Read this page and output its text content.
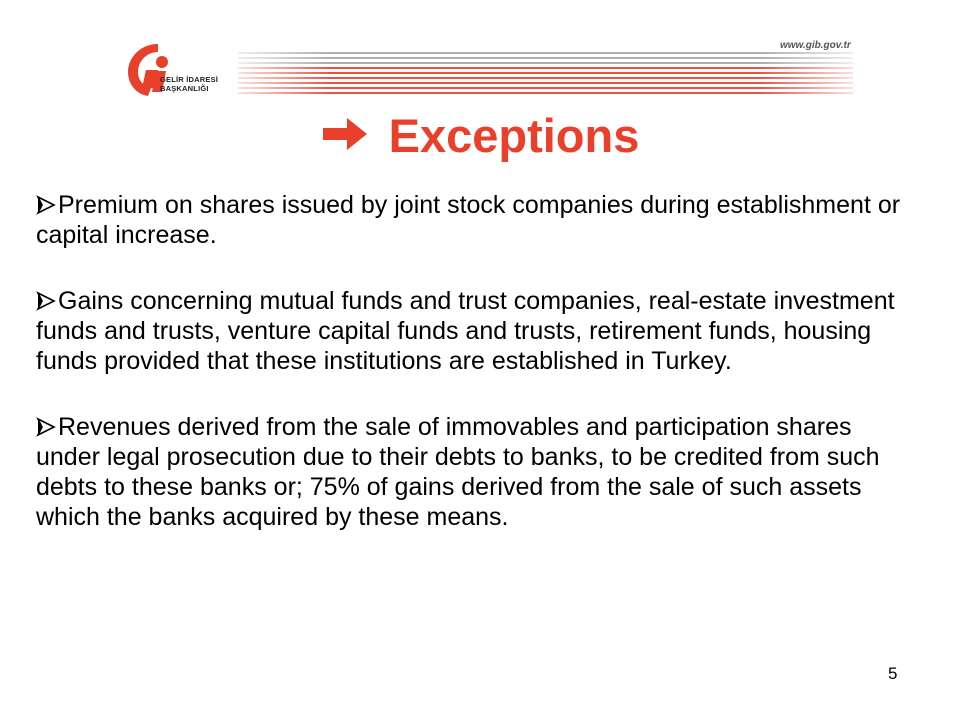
GELİR İDARESİ
BAŞKANLIĞI
www.gib.gov.tr
Exceptions
Premium on shares issued by joint stock companies during establishment or capital increase.
Gains concerning mutual funds and trust companies, real-estate investment funds and trusts, venture capital funds and trusts, retirement funds, housing funds provided that these institutions are established in Turkey.
Revenues derived from the sale of immovables and participation shares under legal prosecution due to their debts to banks, to be credited from such debts to these banks or; 75% of gains derived from the sale of such assets which the banks acquired by these means.
5
